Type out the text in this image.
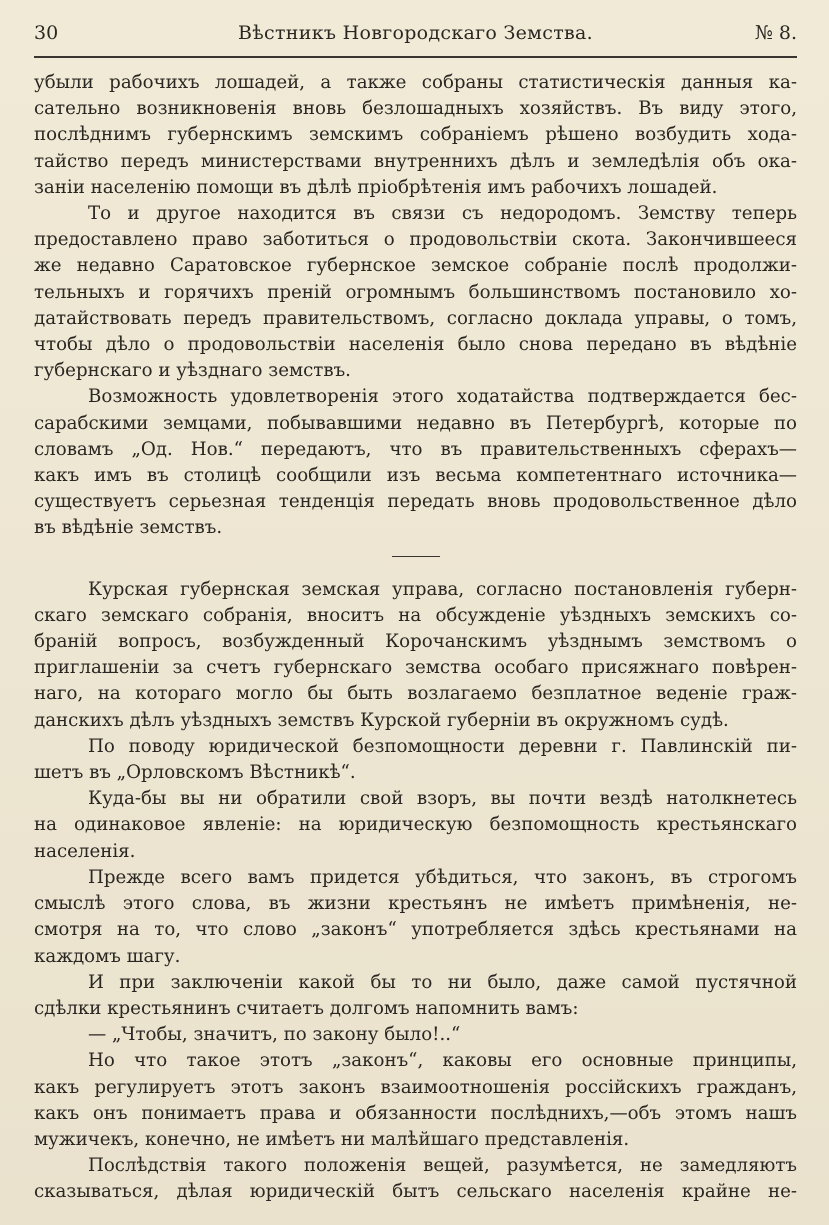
30	Вѣстникъ Новгородскаго Земства.	№ 8.

убыли рабочихъ лошадей, а также собраны статистическія данныя ка-

сательно возникновенія вновь безлошадныхъ хозяйствъ. Въ виду этого,

послѣднимъ губернскимъ земскимъ собраніемъ рѣшено возбудить хода-

тайство передъ министерствами внутреннихъ дѣлъ и земледѣлія объ ока-

заніи населенію помощи въ дѣлѣ пріобрѣтенія имъ рабочихъ лошадей.

То и другое находится въ связи съ недородомъ. Земству теперь

предоставлено право заботиться о продовольствіи скота. Закончившееся

же недавно Саратовское губернское земское собраніе послѣ продолжи-

тельныхъ и горячихъ преній огромнымъ большинствомъ постановило хо-

датайствовать передъ правительствомъ, согласно доклада управы, о томъ,

чтобы дѣло о продовольствіи населенія было снова передано въ вѣдѣніе

губернскаго и уѣзднаго земствъ.

Возможность удовлетворенія этого ходатайства подтверждается бес-

сарабскими земцами, побывавшими недавно въ Петербургѣ, которые по

словамъ „Од. Нов.“ передаютъ, что въ правительственныхъ сферахъ—

какъ имъ въ столицѣ сообщили изъ весьма компетентнаго источника—

существуетъ серьезная тенденція передать вновь продовольственное дѣло

въ вѣдѣніе земствъ.

Курская губернская земская управа, согласно постановленія губерн-

скаго земскаго собранія, вноситъ на обсужденіе уѣздныхъ земскихъ со-

браній вопросъ, возбужденный Корочанскимъ уѣзднымъ земствомъ о

приглашеніи за счетъ губернскаго земства особаго присяжнаго повѣрен-

наго, на котораго могло бы быть возлагаемо безплатное веденіе граж-

данскихъ дѣлъ уѣздныхъ земствъ Курской губерніи въ окружномъ судѣ.

По поводу юридической безпомощности деревни г. Павлинскій пи-

шетъ въ „Орловскомъ Вѣстникѣ“.

Куда-бы вы ни обратили свой взоръ, вы почти вездѣ натолкнетесь

на одинаковое явленіе: на юридическую безпомощность крестьянскаго

населенія.

Прежде всего вамъ придется убѣдиться, что законъ, въ строгомъ

смыслѣ этого слова, въ жизни крестьянъ не имѣетъ примѣненія, не-

смотря на то, что слово „законъ“ употребляется здѣсь крестьянами на

каждомъ шагу.

И при заключеніи какой бы то ни было, даже самой пустячной

сдѣлки крестьянинъ считаетъ долгомъ напомнить вамъ:

— „Чтобы, значитъ, по закону было!..“

Но что такое этотъ „законъ“, каковы его основные принципы,

какъ регулируетъ этотъ законъ взаимоотношенія россійскихъ гражданъ,

какъ онъ понимаетъ права и обязанности послѣднихъ,—объ этомъ нашъ

мужичекъ, конечно, не имѣетъ ни малѣйшаго представленія.

Послѣдствія такого положенія вещей, разумѣется, не замедляютъ

сказываться, дѣлая юридическій бытъ сельскаго населенія крайне не-
